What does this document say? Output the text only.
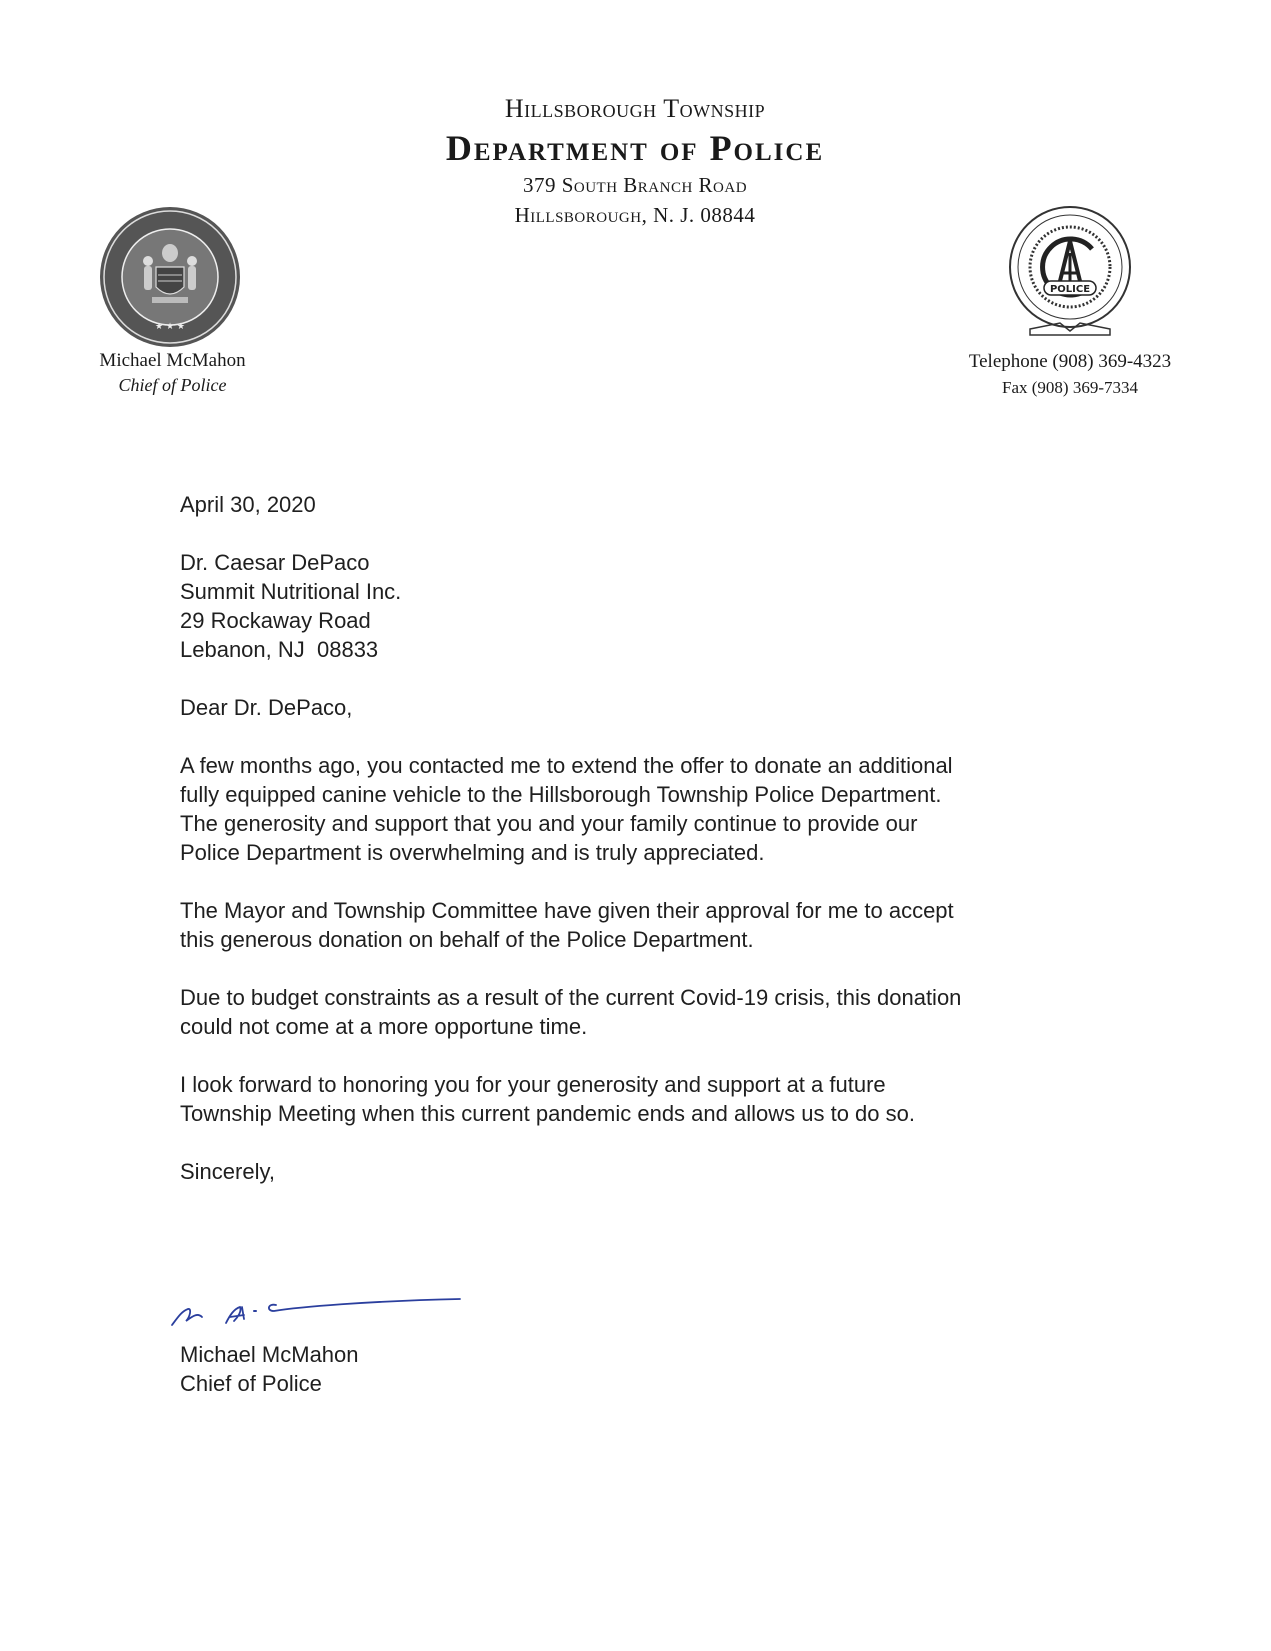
Hillsborough Township
Department of Police
379 South Branch Road
Hillsborough, N. J. 08844
★ ★ ★
POLICE
Michael McMahon
Chief of Police
Telephone (908) 369-4323
Fax (908) 369-7334

April 30, 2020

Dr. Caesar DePaco
Summit Nutritional Inc.
29 Rockaway Road
Lebanon, NJ  08833

Dear Dr. DePaco,

A few months ago, you contacted me to extend the offer to donate an additional
fully equipped canine vehicle to the Hillsborough Township Police Department.
The generosity and support that you and your family continue to provide our
Police Department is overwhelming and is truly appreciated.

The Mayor and Township Committee have given their approval for me to accept
this generous donation on behalf of the Police Department.

Due to budget constraints as a result of the current Covid-19 crisis, this donation
could not come at a more opportune time.

I look forward to honoring you for your generosity and support at a future
Township Meeting when this current pandemic ends and allows us to do so.

Sincerely,

Michael McMahon
Chief of Police
